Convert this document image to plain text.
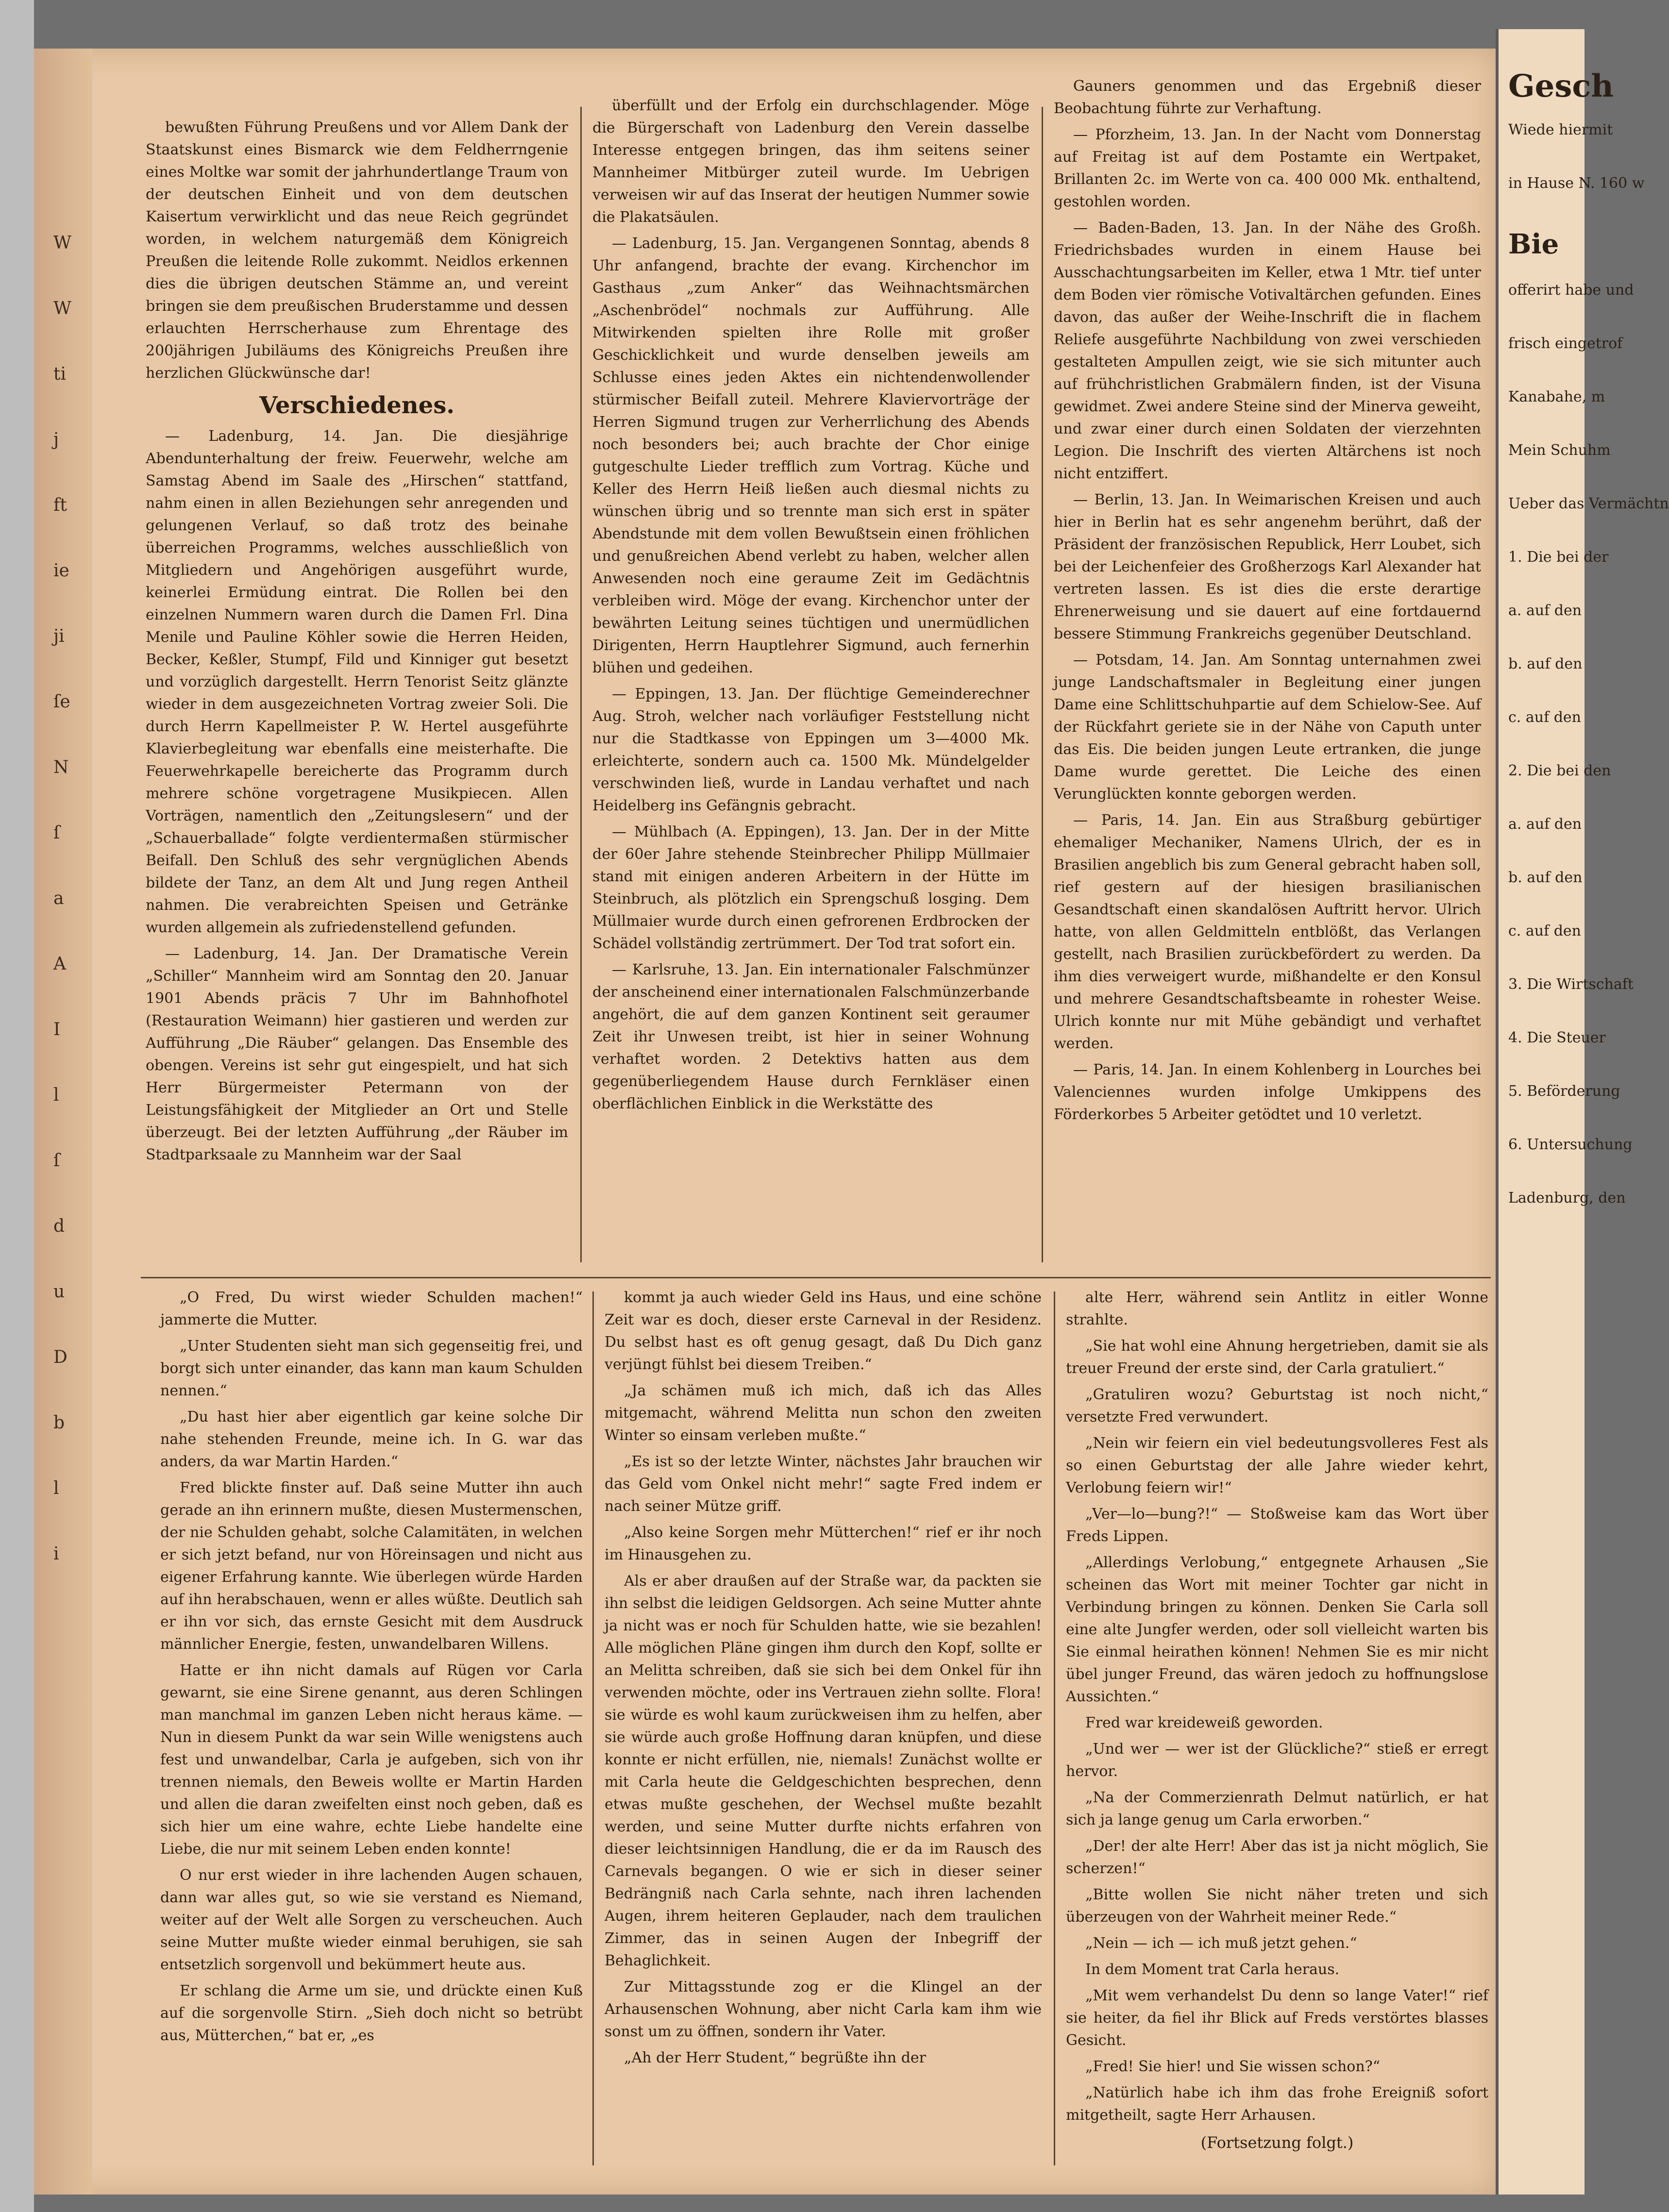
W
W
ti
j
ft
ie
ji
ſe
N
ſ
a
A
I
l
ſ
d
u
D
b
l
i

bewußten Führung Preußens und vor Allem Dank der Staatskunst eines Bismarck wie dem Feldherrngenie eines Moltke war somit der jahrhundertlange Traum von der deutschen Einheit und von dem deutschen Kaisertum verwirklicht und das neue Reich gegründet worden, in welchem naturgemäß dem Königreich Preußen die leitende Rolle zukommt. Neidlos erkennen dies die übrigen deutschen Stämme an, und vereint bringen sie dem preußischen Bruderstamme und dessen erlauchten Herrscherhause zum Ehrentage des 200jährigen Jubiläums des Königreichs Preußen ihre herzlichen Glückwünsche dar!

Verschiedenes.

— Ladenburg, 14. Jan. Die diesjährige Abendunterhaltung der freiw. Feuerwehr, welche am Samstag Abend im Saale des „Hirschen“ stattfand, nahm einen in allen Beziehungen sehr anregenden und gelungenen Verlauf, so daß trotz des beinahe überreichen Programms, welches ausschließlich von Mitgliedern und Angehörigen ausgeführt wurde, keinerlei Ermüdung eintrat. Die Rollen bei den einzelnen Nummern waren durch die Damen Frl. Dina Menile und Pauline Köhler sowie die Herren Heiden, Becker, Keßler, Stumpf, Fild und Kinniger gut besetzt und vorzüglich dargestellt. Herrn Tenorist Seitz glänzte wieder in dem ausgezeichneten Vortrag zweier Soli. Die durch Herrn Kapellmeister P. W. Hertel ausgeführte Klavierbegleitung war ebenfalls eine meisterhafte. Die Feuerwehrkapelle bereicherte das Programm durch mehrere schöne vorgetragene Musikpiecen. Allen Vorträgen, namentlich den „Zeitungslesern“ und der „Schauerballade“ folgte verdientermaßen stürmischer Beifall. Den Schluß des sehr vergnüglichen Abends bildete der Tanz, an dem Alt und Jung regen Antheil nahmen. Die verabreichten Speisen und Getränke wurden allgemein als zufriedenstellend gefunden.

— Ladenburg, 14. Jan. Der Dramatische Verein „Schiller“ Mannheim wird am Sonntag den 20. Januar 1901 Abends präcis 7 Uhr im Bahnhofhotel (Restauration Weimann) hier gastieren und werden zur Aufführung „Die Räuber“ gelangen. Das Ensemble des obengen. Vereins ist sehr gut eingespielt, und hat sich Herr Bürgermeister Petermann von der Leistungsfähigkeit der Mitglieder an Ort und Stelle überzeugt. Bei der letzten Aufführung „der Räuber im Stadtparksaale zu Mannheim war der Saal

überfüllt und der Erfolg ein durchschlagender. Möge die Bürgerschaft von Ladenburg den Verein dasselbe Interesse entgegen bringen, das ihm seitens seiner Mannheimer Mitbürger zuteil wurde. Im Uebrigen verweisen wir auf das Inserat der heutigen Nummer sowie die Plakatsäulen.

— Ladenburg, 15. Jan. Vergangenen Sonntag, abends 8 Uhr anfangend, brachte der evang. Kirchenchor im Gasthaus „zum Anker“ das Weihnachtsmärchen „Aschenbrödel“ nochmals zur Aufführung. Alle Mitwirkenden spielten ihre Rolle mit großer Geschicklichkeit und wurde denselben jeweils am Schlusse eines jeden Aktes ein nichtendenwollender stürmischer Beifall zuteil. Mehrere Klaviervorträge der Herren Sigmund trugen zur Verherrlichung des Abends noch besonders bei; auch brachte der Chor einige gutgeschulte Lieder trefflich zum Vortrag. Küche und Keller des Herrn Heiß ließen auch diesmal nichts zu wünschen übrig und so trennte man sich erst in später Abendstunde mit dem vollen Bewußtsein einen fröhlichen und genußreichen Abend verlebt zu haben, welcher allen Anwesenden noch eine geraume Zeit im Gedächtnis verbleiben wird. Möge der evang. Kirchenchor unter der bewährten Leitung seines tüchtigen und unermüdlichen Dirigenten, Herrn Hauptlehrer Sigmund, auch fernerhin blühen und gedeihen.

— Eppingen, 13. Jan. Der flüchtige Gemeinderechner Aug. Stroh, welcher nach vorläufiger Feststellung nicht nur die Stadtkasse von Eppingen um 3—4000 Mk. erleichterte, sondern auch ca. 1500 Mk. Mündelgelder verschwinden ließ, wurde in Landau verhaftet und nach Heidelberg ins Gefängnis gebracht.

— Mühlbach (A. Eppingen), 13. Jan. Der in der Mitte der 60er Jahre stehende Steinbrecher Philipp Müllmaier stand mit einigen anderen Arbeitern in der Hütte im Steinbruch, als plötzlich ein Sprengschuß losging. Dem Müllmaier wurde durch einen gefrorenen Erdbrocken der Schädel vollständig zertrümmert. Der Tod trat sofort ein.

— Karlsruhe, 13. Jan. Ein internationaler Falschmünzer der anscheinend einer internationalen Falschmünzerbande angehört, die auf dem ganzen Kontinent seit geraumer Zeit ihr Unwesen treibt, ist hier in seiner Wohnung verhaftet worden. 2 Detektivs hatten aus dem gegenüberliegendem Hause durch Fernkläser einen oberflächlichen Einblick in die Werkstätte des

Gauners genommen und das Ergebniß dieser Beobachtung führte zur Verhaftung.

— Pforzheim, 13. Jan. In der Nacht vom Donnerstag auf Freitag ist auf dem Postamte ein Wertpaket, Brillanten 2c. im Werte von ca. 400 000 Mk. enthaltend, gestohlen worden.

— Baden-Baden, 13. Jan. In der Nähe des Großh. Friedrichsbades wurden in einem Hause bei Ausschachtungsarbeiten im Keller, etwa 1 Mtr. tief unter dem Boden vier römische Votivaltärchen gefunden. Eines davon, das außer der Weihe-Inschrift die in flachem Reliefe ausgeführte Nachbildung von zwei verschieden gestalteten Ampullen zeigt, wie sie sich mitunter auch auf frühchristlichen Grabmälern finden, ist der Visuna gewidmet. Zwei andere Steine sind der Minerva geweiht, und zwar einer durch einen Soldaten der vierzehnten Legion. Die Inschrift des vierten Altärchens ist noch nicht entziffert.

— Berlin, 13. Jan. In Weimarischen Kreisen und auch hier in Berlin hat es sehr angenehm berührt, daß der Präsident der französischen Republick, Herr Loubet, sich bei der Leichenfeier des Großherzogs Karl Alexander hat vertreten lassen. Es ist dies die erste derartige Ehrenerweisung und sie dauert auf eine fortdauernd bessere Stimmung Frankreichs gegenüber Deutschland.

— Potsdam, 14. Jan. Am Sonntag unternahmen zwei junge Landschaftsmaler in Begleitung einer jungen Dame eine Schlittschuhpartie auf dem Schielow-See. Auf der Rückfahrt geriete sie in der Nähe von Caputh unter das Eis. Die beiden jungen Leute ertranken, die junge Dame wurde gerettet. Die Leiche des einen Verunglückten konnte geborgen werden.

— Paris, 14. Jan. Ein aus Straßburg gebürtiger ehemaliger Mechaniker, Namens Ulrich, der es in Brasilien angeblich bis zum General gebracht haben soll, rief gestern auf der hiesigen brasilianischen Gesandtschaft einen skandalösen Auftritt hervor. Ulrich hatte, von allen Geldmitteln entblößt, das Verlangen gestellt, nach Brasilien zurückbefördert zu werden. Da ihm dies verweigert wurde, mißhandelte er den Konsul und mehrere Gesandtschaftsbeamte in rohester Weise. Ulrich konnte nur mit Mühe gebändigt und verhaftet werden.

— Paris, 14. Jan. In einem Kohlenberg in Lourches bei Valenciennes wurden infolge Umkippens des Förderkorbes 5 Arbeiter getödtet und 10 verletzt.

„O Fred, Du wirst wieder Schulden machen!“ jammerte die Mutter.

„Unter Studenten sieht man sich gegenseitig frei, und borgt sich unter einander, das kann man kaum Schulden nennen.“

„Du hast hier aber eigentlich gar keine solche Dir nahe stehenden Freunde, meine ich. In G. war das anders, da war Martin Harden.“

Fred blickte finster auf. Daß seine Mutter ihn auch gerade an ihn erinnern mußte, diesen Mustermenschen, der nie Schulden gehabt, solche Calamitäten, in welchen er sich jetzt befand, nur von Höreinsagen und nicht aus eigener Erfahrung kannte. Wie überlegen würde Harden auf ihn herabschauen, wenn er alles wüßte. Deutlich sah er ihn vor sich, das ernste Gesicht mit dem Ausdruck männlicher Energie, festen, unwandelbaren Willens.

Hatte er ihn nicht damals auf Rügen vor Carla gewarnt, sie eine Sirene genannt, aus deren Schlingen man manchmal im ganzen Leben nicht heraus käme. — Nun in diesem Punkt da war sein Wille wenigstens auch fest und unwandelbar, Carla je aufgeben, sich von ihr trennen niemals, den Beweis wollte er Martin Harden und allen die daran zweifelten einst noch geben, daß es sich hier um eine wahre, echte Liebe handelte eine Liebe, die nur mit seinem Leben enden konnte!

O nur erst wieder in ihre lachenden Augen schauen, dann war alles gut, so wie sie verstand es Niemand, weiter auf der Welt alle Sorgen zu verscheuchen. Auch seine Mutter mußte wieder einmal beruhigen, sie sah entsetzlich sorgenvoll und bekümmert heute aus.

Er schlang die Arme um sie, und drückte einen Kuß auf die sorgenvolle Stirn. „Sieh doch nicht so betrübt aus, Mütterchen,“ bat er, „es

kommt ja auch wieder Geld ins Haus, und eine schöne Zeit war es doch, dieser erste Carneval in der Residenz. Du selbst hast es oft genug gesagt, daß Du Dich ganz verjüngt fühlst bei diesem Treiben.“

„Ja schämen muß ich mich, daß ich das Alles mitgemacht, während Melitta nun schon den zweiten Winter so einsam verleben mußte.“

„Es ist so der letzte Winter, nächstes Jahr brauchen wir das Geld vom Onkel nicht mehr!“ sagte Fred indem er nach seiner Mütze griff.

„Also keine Sorgen mehr Mütterchen!“ rief er ihr noch im Hinausgehen zu.

Als er aber draußen auf der Straße war, da packten sie ihn selbst die leidigen Geldsorgen. Ach seine Mutter ahnte ja nicht was er noch für Schulden hatte, wie sie bezahlen! Alle möglichen Pläne gingen ihm durch den Kopf, sollte er an Melitta schreiben, daß sie sich bei dem Onkel für ihn verwenden möchte, oder ins Vertrauen ziehn sollte. Flora! sie würde es wohl kaum zurückweisen ihm zu helfen, aber sie würde auch große Hoffnung daran knüpfen, und diese konnte er nicht erfüllen, nie, niemals! Zunächst wollte er mit Carla heute die Geldgeschichten besprechen, denn etwas mußte geschehen, der Wechsel mußte bezahlt werden, und seine Mutter durfte nichts erfahren von dieser leichtsinnigen Handlung, die er da im Rausch des Carnevals begangen. O wie er sich in dieser seiner Bedrängniß nach Carla sehnte, nach ihren lachenden Augen, ihrem heiteren Geplauder, nach dem traulichen Zimmer, das in seinen Augen der Inbegriff der Behaglichkeit.

Zur Mittagsstunde zog er die Klingel an der Arhausenschen Wohnung, aber nicht Carla kam ihm wie sonst um zu öffnen, sondern ihr Vater.

„Ah der Herr Student,“ begrüßte ihn der

alte Herr, während sein Antlitz in eitler Wonne strahlte.

„Sie hat wohl eine Ahnung hergetrieben, damit sie als treuer Freund der erste sind, der Carla gratuliert.“

„Gratuliren wozu? Geburtstag ist noch nicht,“ versetzte Fred verwundert.

„Nein wir feiern ein viel bedeutungsvolleres Fest als so einen Geburtstag der alle Jahre wieder kehrt, Verlobung feiern wir!“

„Ver—lo—bung?!“ — Stoßweise kam das Wort über Freds Lippen.

„Allerdings Verlobung,“ entgegnete Arhausen „Sie scheinen das Wort mit meiner Tochter gar nicht in Verbindung bringen zu können. Denken Sie Carla soll eine alte Jungfer werden, oder soll vielleicht warten bis Sie einmal heirathen können! Nehmen Sie es mir nicht übel junger Freund, das wären jedoch zu hoffnungslose Aussichten.“

Fred war kreideweiß geworden.

„Und wer — wer ist der Glückliche?“ stieß er erregt hervor.

„Na der Commerzienrath Delmut natürlich, er hat sich ja lange genug um Carla erworben.“

„Der! der alte Herr! Aber das ist ja nicht möglich, Sie scherzen!“

„Bitte wollen Sie nicht näher treten und sich überzeugen von der Wahrheit meiner Rede.“

„Nein — ich — ich muß jetzt gehen.“

In dem Moment trat Carla heraus.

„Mit wem verhandelst Du denn so lange Vater!“ rief sie heiter, da fiel ihr Blick auf Freds verstörtes blasses Gesicht.

„Fred! Sie hier! und Sie wissen schon?“

„Natürlich habe ich ihm das frohe Ereigniß sofort mitgetheilt, sagte Herr Arhausen.

(Fortsetzung folgt.)
Gesch
Wiede hiermit
in Hause N. 160 w
Bie
offerirt habe und
frisch eingetrof
Kanabahe, m
Mein Schuhm
Ueber das Vermächtn
1. Die bei der
a. auf den
b. auf den
c. auf den
2. Die bei den
a. auf den
b. auf den
c. auf den
3. Die Wirtschaft
4. Die Steuer
5. Beförderung
6. Untersuchung
Ladenburg, den
